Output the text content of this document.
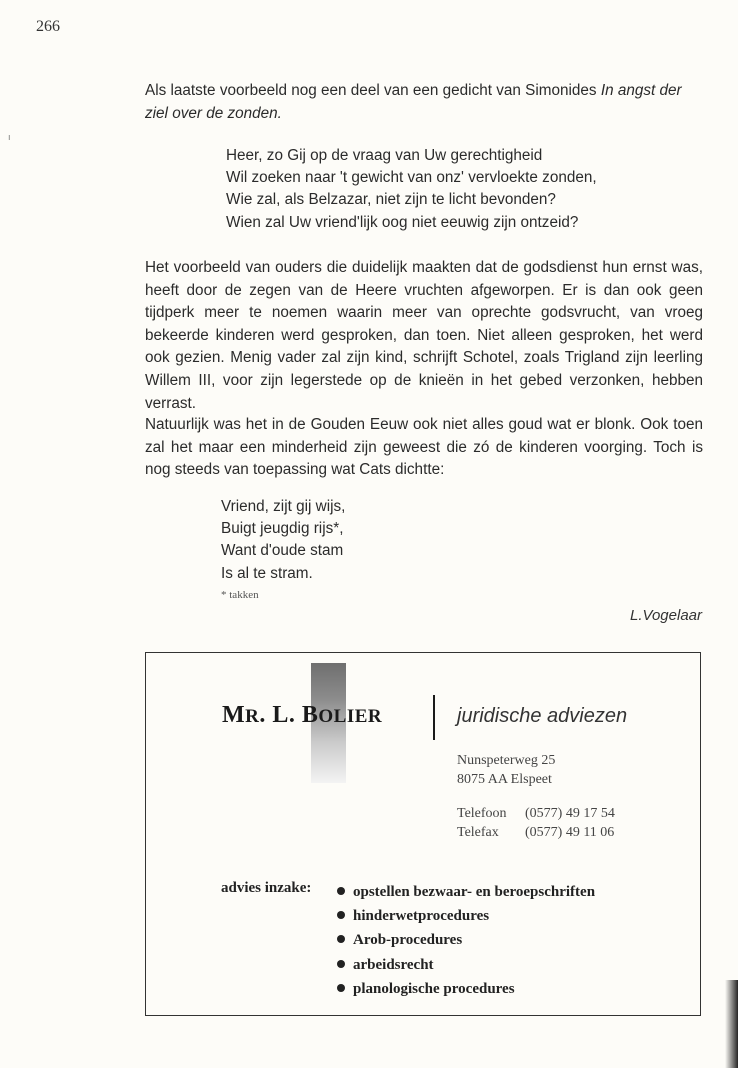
266
ı

Als laatste voorbeeld nog een deel van een gedicht van Simonides In angst der ziel over de zonden.

Heer, zo Gij op de vraag van Uw gerechtigheid
Wil zoeken naar 't gewicht van onz' vervloekte zonden,
Wie zal, als Belzazar, niet zijn te licht bevonden?
Wien zal Uw vriend'lijk oog niet eeuwig zijn ontzeid?

Het voorbeeld van ouders die duidelijk maakten dat de godsdienst hun ernst was, heeft door de zegen van de Heere vruchten afgeworpen. Er is dan ook geen tijdperk meer te noemen waarin meer van oprechte godsvrucht, van vroeg bekeerde kinderen werd gesproken, dan toen. Niet alleen gesproken, het werd ook gezien. Menig vader zal zijn kind, schrijft Schotel, zoals Trigland zijn leerling Willem III, voor zijn legerstede op de knieën in het gebed verzonken, hebben verrast.

Natuurlijk was het in de Gouden Eeuw ook niet alles goud wat er blonk. Ook toen zal het maar een minderheid zijn geweest die zó de kinderen voorging. Toch is nog steeds van toepassing wat Cats dichtte:

Vriend, zijt gij wijs,
Buigt jeugdig rijs*,
Want d'oude stam
Is al te stram.
* takken
L.Vogelaar
MR. L. BOLIER	juridische adviezen
Nunspeterweg 25
8075 AA Elspeet
Telefoon (0577) 49 17 54
Telefax (0577) 49 11 06
advies inzake:	opstellen bezwaar- en beroepschriften
hinderwetprocedures
Arob-procedures
arbeidsrecht
planologische procedures
